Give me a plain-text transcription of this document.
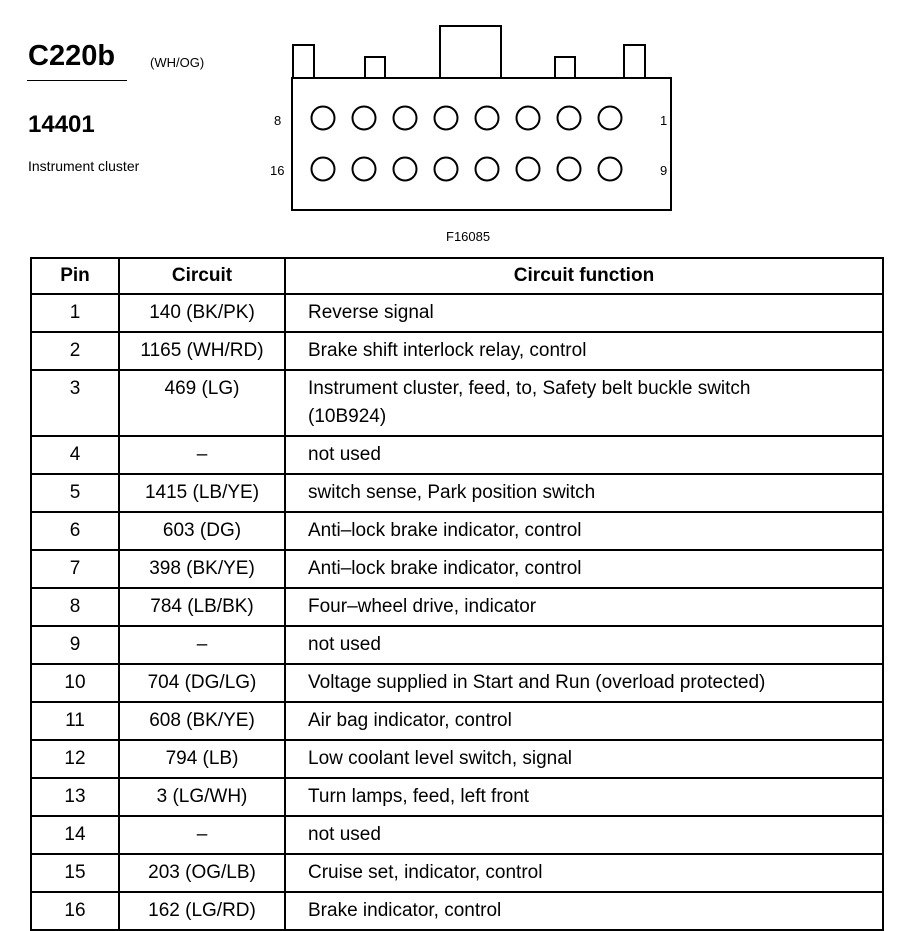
C220b	(WH/OG)
14401
Instrument cluster
8	1
16	9
F16085
Pin	Circuit	Circuit function
1	140 (BK/PK)	Reverse signal
2	1165 (WH/RD)	Brake shift interlock relay, control
3	469 (LG)	Instrument cluster, feed, to, Safety belt buckle switch
(10B924)
4	–	not used
5	1415 (LB/YE)	switch sense, Park position switch
6	603 (DG)	Anti–lock brake indicator, control
7	398 (BK/YE)	Anti–lock brake indicator, control
8	784 (LB/BK)	Four–wheel drive, indicator
9	–	not used
10	704 (DG/LG)	Voltage supplied in Start and Run (overload protected)
11	608 (BK/YE)	Air bag indicator, control
12	794 (LB)	Low coolant level switch, signal
13	3 (LG/WH)	Turn lamps, feed, left front
14	–	not used
15	203 (OG/LB)	Cruise set, indicator, control
16	162 (LG/RD)	Brake indicator, control
